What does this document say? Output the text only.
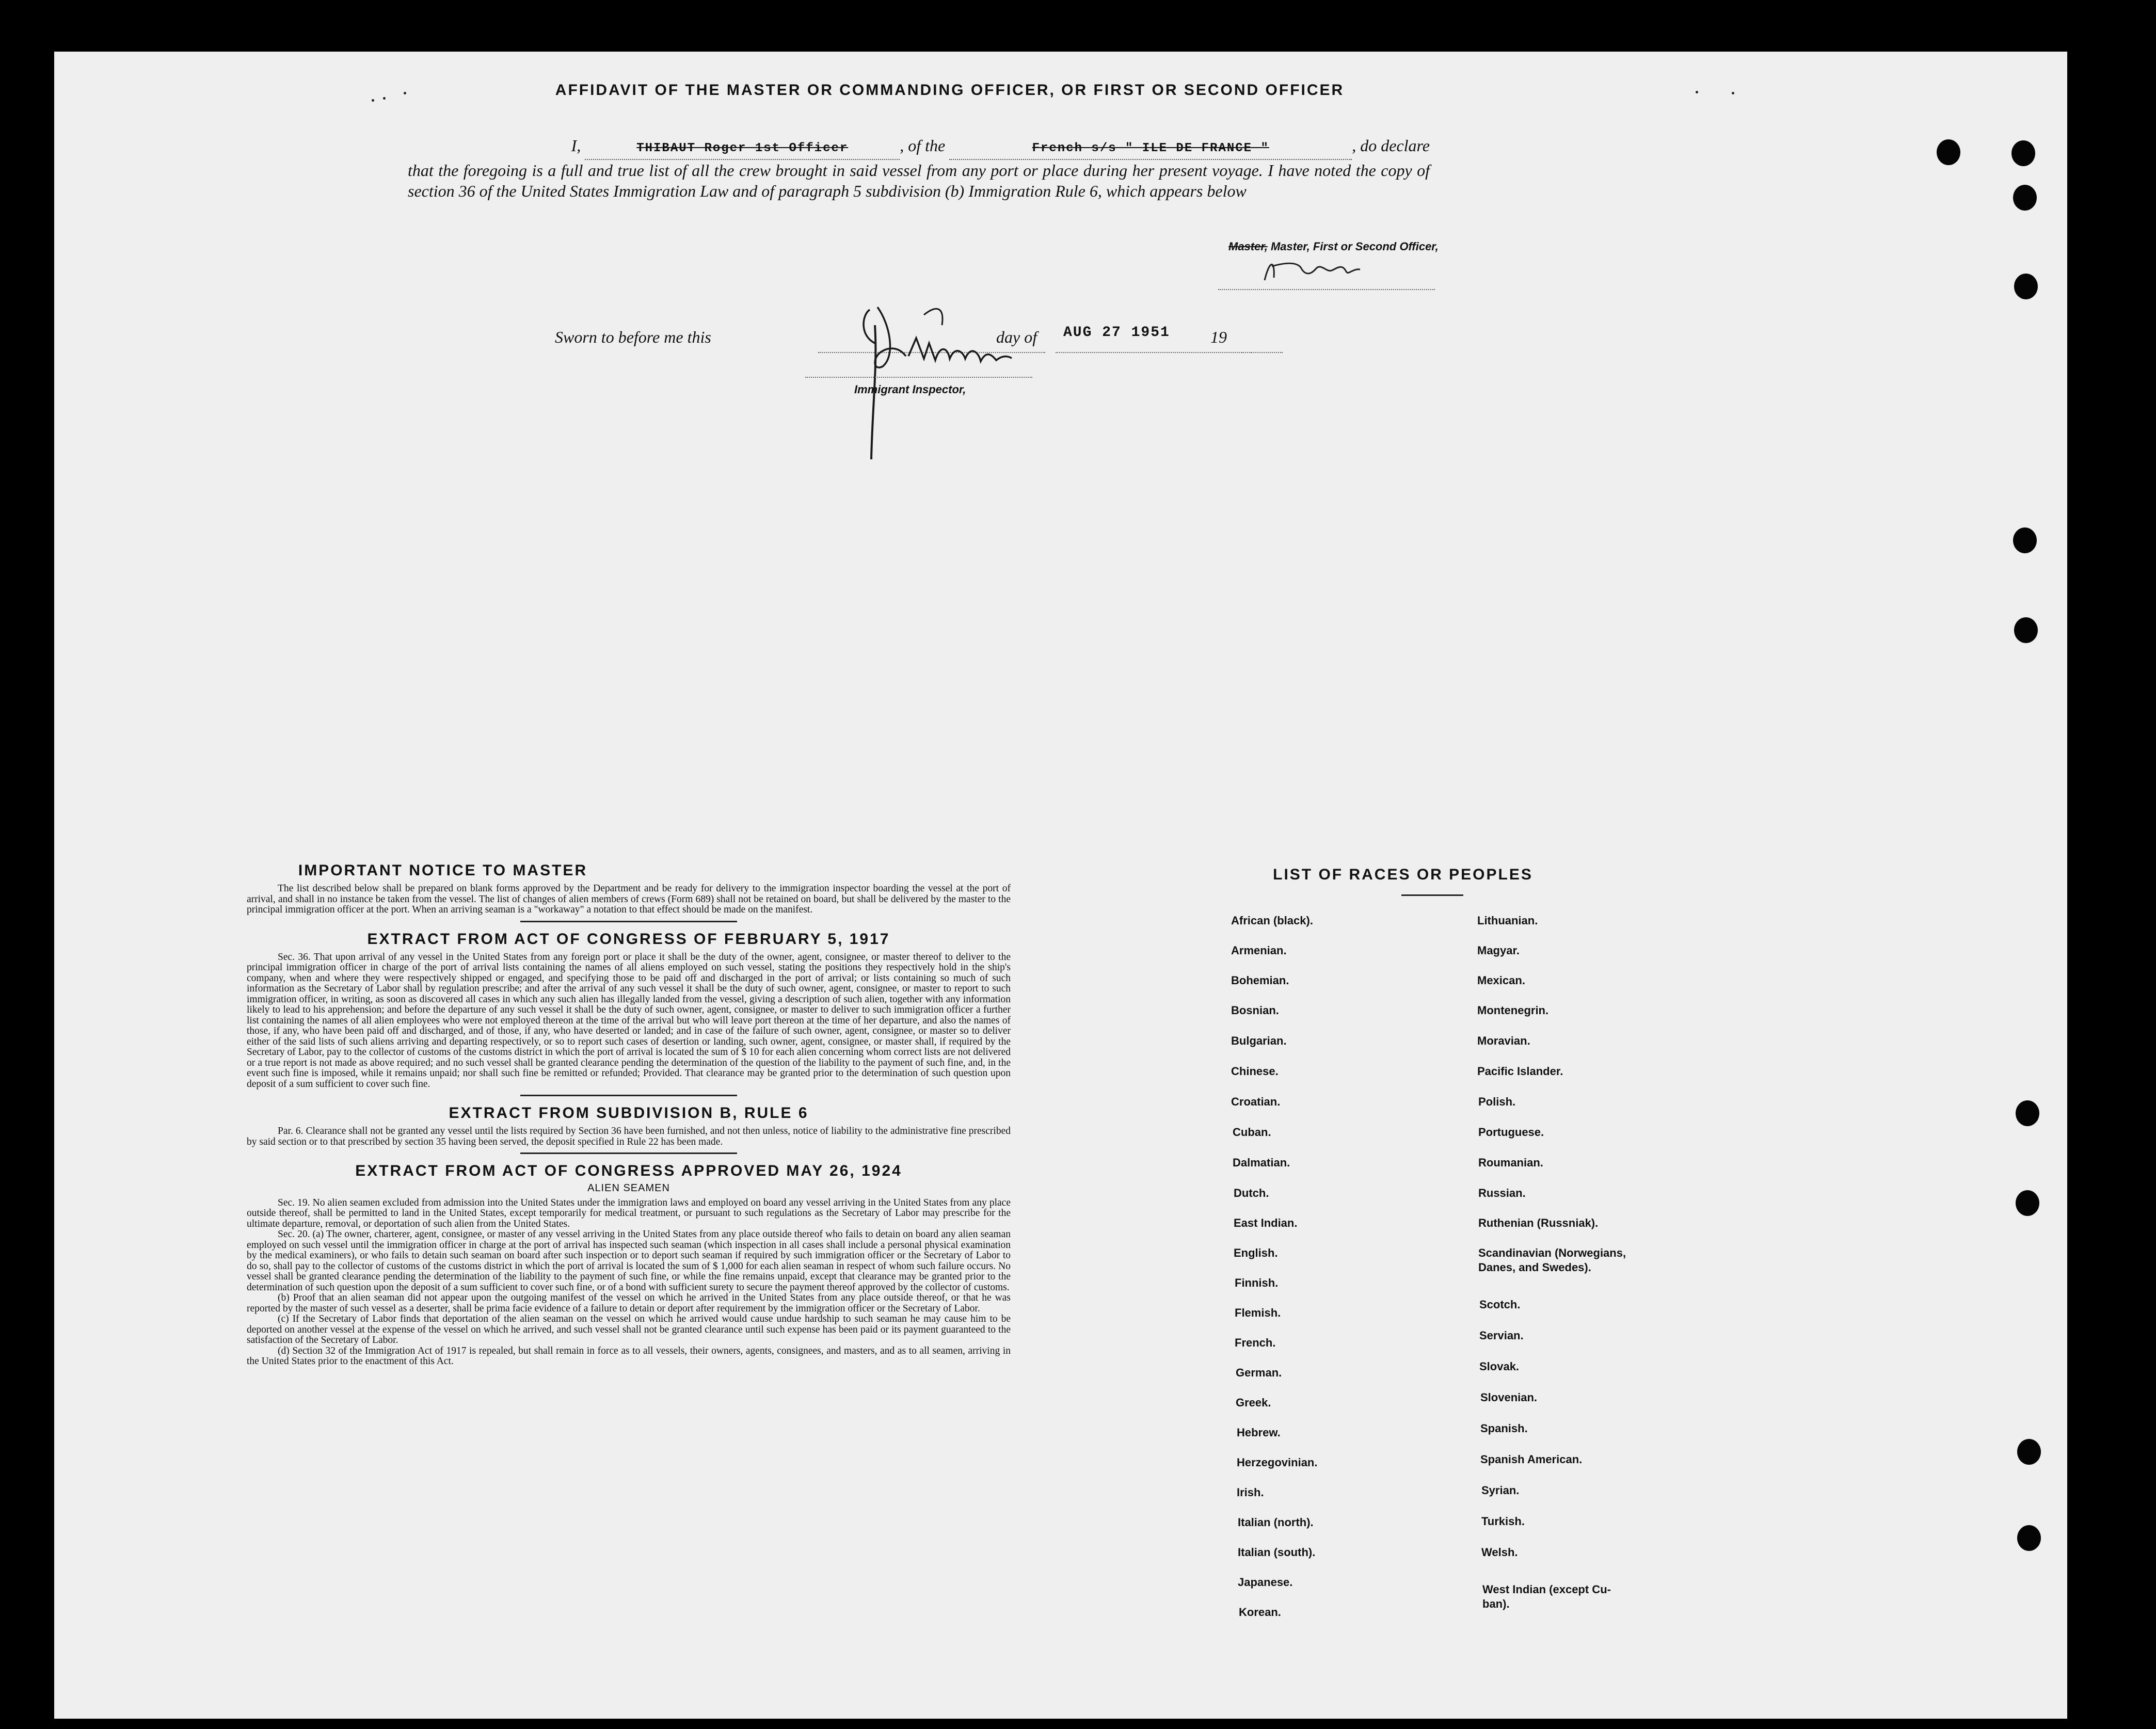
AFFIDAVIT OF THE MASTER OR COMMANDING OFFICER, OR FIRST OR SECOND OFFICER
I,	THIBAUT Roger 1st Officer	, of the	French s/s " ILE DE FRANCE "	, do declare
that the foregoing is a full and true list of all the crew brought in said vessel from any port or place during her present voyage. I have noted the copy of section 36 of the United States Immigration Law and of paragraph 5 subdivision (b) Immigration Rule 6, which appears below
Master, Master, First or Second Officer,
Sworn to before me this	day of AUG 27 1951 19
Immigrant Inspector,
IMPORTANT NOTICE TO MASTER

The list described below shall be prepared on blank forms approved by the Department and be ready for delivery to the immigration inspector boarding the vessel at the port of arrival, and shall in no instance be taken from the vessel. The list of changes of alien members of crews (Form 689) shall not be retained on board, but shall be delivered by the master to the principal immigration officer at the port. When an arriving seaman is a "workaway" a notation to that effect should be made on the manifest.

EXTRACT FROM ACT OF CONGRESS OF FEBRUARY 5, 1917

Sec. 36. That upon arrival of any vessel in the United States from any foreign port or place it shall be the duty of the owner, agent, consignee, or master thereof to deliver to the principal immigration officer in charge of the port of arrival lists containing the names of all aliens employed on such vessel, stating the positions they respectively hold in the ship's company, when and where they were respectively shipped or engaged, and specifying those to be paid off and discharged in the port of arrival; or lists containing so much of such information as the Secretary of Labor shall by regulation prescribe; and after the arrival of any such vessel it shall be the duty of such owner, agent, consignee, or master to report to such immigration officer, in writing, as soon as discovered all cases in which any such alien has illegally landed from the vessel, giving a description of such alien, together with any information likely to lead to his apprehension; and before the departure of any such vessel it shall be the duty of such owner, agent, consignee, or master to deliver to such immigration officer a further list containing the names of all alien employees who were not employed thereon at the time of the arrival but who will leave port thereon at the time of her departure, and also the names of those, if any, who have been paid off and discharged, and of those, if any, who have deserted or landed; and in case of the failure of such owner, agent, consignee, or master so to deliver either of the said lists of such aliens arriving and departing respectively, or so to report such cases of desertion or landing, such owner, agent, consignee, or master shall, if required by the Secretary of Labor, pay to the collector of customs of the customs district in which the port of arrival is located the sum of $ 10 for each alien concerning whom correct lists are not delivered or a true report is not made as above required; and no such vessel shall be granted clearance pending the determination of the question of the liability to the payment of such fine, and, in the event such fine is imposed, while it remains unpaid; nor shall such fine be remitted or refunded; Provided. That clearance may be granted prior to the determination of such question upon deposit of a sum sufficient to cover such fine.

EXTRACT FROM SUBDIVISION B, RULE 6

Par. 6. Clearance shall not be granted any vessel until the lists required by Section 36 have been furnished, and not then unless, notice of liability to the administrative fine prescribed by said section or to that prescribed by section 35 having been served, the deposit specified in Rule 22 has been made.

EXTRACT FROM ACT OF CONGRESS APPROVED MAY 26, 1924
ALIEN SEAMEN

Sec. 19. No alien seamen excluded from admission into the United States under the immigration laws and employed on board any vessel arriving in the United States from any place outside thereof, shall be permitted to land in the United States, except temporarily for medical treatment, or pursuant to such regulations as the Secretary of Labor may prescribe for the ultimate departure, removal, or deportation of such alien from the United States.

Sec. 20. (a) The owner, charterer, agent, consignee, or master of any vessel arriving in the United States from any place outside thereof who fails to detain on board any alien seaman employed on such vessel until the immigration officer in charge at the port of arrival has inspected such seaman (which inspection in all cases shall include a personal physical examination by the medical examiners), or who fails to detain such seaman on board after such inspection or to deport such seaman if required by such immigration officer or the Secretary of Labor to do so, shall pay to the collector of customs of the customs district in which the port of arrival is located the sum of $ 1,000 for each alien seaman in respect of whom such failure occurs. No vessel shall be granted clearance pending the determination of the liability to the payment of such fine, or while the fine remains unpaid, except that clearance may be granted prior to the determination of such question upon the deposit of a sum sufficient to cover such fine, or of a bond with sufficient surety to secure the payment thereof approved by the collector of customs.

(b) Proof that an alien seaman did not appear upon the outgoing manifest of the vessel on which he arrived in the United States from any place outside thereof, or that he was reported by the master of such vessel as a deserter, shall be prima facie evidence of a failure to detain or deport after requirement by the immigration officer or the Secretary of Labor.

(c) If the Secretary of Labor finds that deportation of the alien seaman on the vessel on which he arrived would cause undue hardship to such seaman he may cause him to be deported on another vessel at the expense of the vessel on which he arrived, and such vessel shall not be granted clearance until such expense has been paid or its payment guaranteed to the satisfaction of the Secretary of Labor.

(d) Section 32 of the Immigration Act of 1917 is repealed, but shall remain in force as to all vessels, their owners, agents, consignees, and masters, and as to all seamen, arriving in the United States prior to the enactment of this Act.

LIST OF RACES OR PEOPLES
African (black).
Armenian.
Bohemian.
Bosnian.
Bulgarian.
Chinese.
Croatian.
Cuban.
Dalmatian.
Dutch.
East Indian.
English.
Finnish.
Flemish.
French.
German.
Greek.
Hebrew.
Herzegovinian.
Irish.
Italian (north).
Italian (south).
Japanese.
Korean.
Lithuanian.
Magyar.
Mexican.
Montenegrin.
Moravian.
Pacific Islander.
Polish.
Portuguese.
Roumanian.
Russian.
Ruthenian (Russniak).
Scandinavian (Norwegians,
Danes, and Swedes).
Scotch.
Servian.
Slovak.
Slovenian.
Spanish.
Spanish American.
Syrian.
Turkish.
Welsh.
West Indian (except Cu-
ban).
